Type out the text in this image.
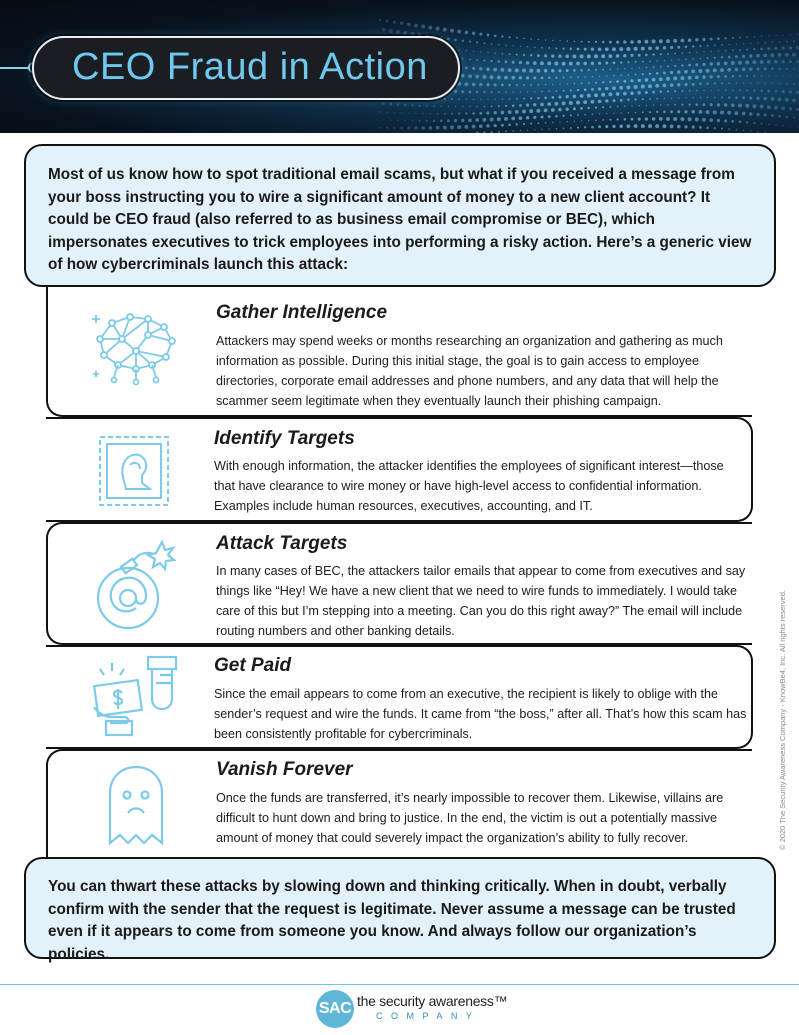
CEO Fraud in Action

Most of us know how to spot traditional email scams, but what if you received a message from your boss instructing you to wire a significant amount of money to a new client account? It could be CEO fraud (also referred to as business email compromise or BEC), which impersonates executives to trick employees into performing a risky action. Here’s a generic view of how cybercriminals launch this attack:

Gather Intelligence
Attackers may spend weeks or months researching an organization and gathering as much information as possible. During this initial stage, the goal is to gain access to employee directories, corporate email addresses and phone numbers, and any data that will help the scammer seem legitimate when they eventually launch their phishing campaign.
Identify Targets
With enough information, the attacker identifies the employees of significant interest—those that have clearance to wire money or have high-level access to confidential information. Examples include human resources, executives, accounting, and IT.
Attack Targets
In many cases of BEC, the attackers tailor emails that appear to come from executives and say things like “Hey! We have a new client that we need to wire funds to immediately. I would take care of this but I’m stepping into a meeting. Can you do this right away?” The email will include routing numbers and other banking details.
Get Paid
Since the email appears to come from an executive, the recipient is likely to oblige with the sender’s request and wire the funds. It came from “the boss,” after all. That’s how this scam has been consistently profitable for cybercriminals.
Vanish Forever
Once the funds are transferred, it’s nearly impossible to recover them. Likewise, villains are difficult to hunt down and bring to justice. In the end, the victim is out a potentially massive amount of money that could severely impact the organization’s ability to fully recover.

You can thwart these attacks by slowing down and thinking critically. When in doubt, verbally confirm with the sender that the request is legitimate. Never assume a message can be trusted even if it appears to come from someone you know. And always follow our organization’s policies.

© 2020 The Security Awareness Company - KnowBe4, Inc. All rights reserved.
SAC the security awareness™
COMPANY
